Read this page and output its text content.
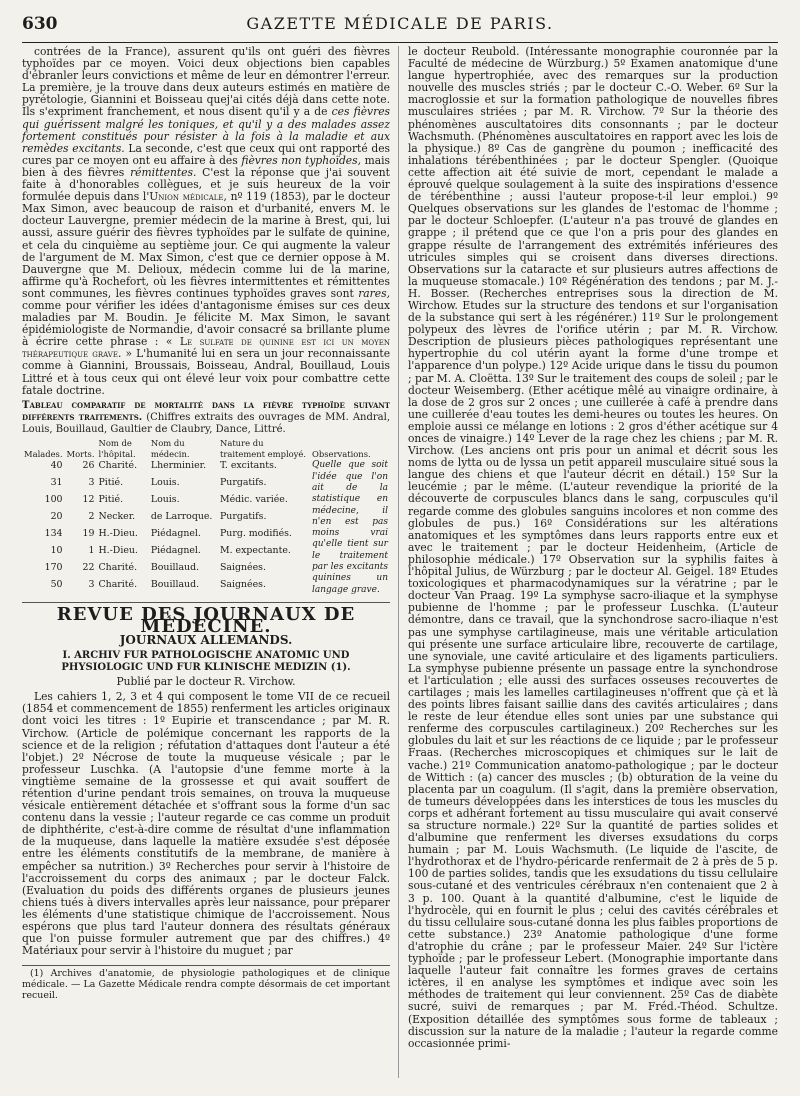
630	GAZETTE MÉDICALE DE PARIS.

contrées de la France), assurent qu'ils ont guéri des fièvres typhoïdes par ce moyen. Voici deux objections bien capables d'ébranler leurs convictions et même de leur en démontrer l'erreur. La première, je la trouve dans deux auteurs estimés en matière de pyrétologie, Giannini et Boisseau quej'ai cités déjà dans cette note. Ils s'expriment franchement, et nous disent qu'il y a de ces fièvres qui guérissent malgré les toniques, et qu'il y a des malades assez fortement constitués pour résister à la fois à la maladie et aux remèdes excitants. La seconde, c'est que ceux qui ont rapporté des cures par ce moyen ont eu affaire à des fièvres non typhoïdes, mais bien à des fièvres rémittentes. C'est la réponse que j'ai souvent faite à d'honorables collègues, et je suis heureux de la voir formulée depuis dans l'Union médicale, nº 119 (1853), par le docteur Max Simon, avec beaucoup de raison et d'urbanité, envers M. le docteur Lauvergne, premier médecin de la marine à Brest, qui, lui aussi, assure guérir des fièvres typhoïdes par le sulfate de quinine, et cela du cinquième au septième jour. Ce qui augmente la valeur de l'argument de M. Max Simon, c'est que ce dernier oppose à M. Dauvergne que M. Delioux, médecin comme lui de la marine, affirme qu'à Rochefort, où les fièvres intermittentes et rémittentes sont communes, les fièvres continues typhoïdes graves sont rares, comme pour vérifier les idées d'antagonisme émises sur ces deux maladies par M. Boudin. Je félicite M. Max Simon, le savant épidémiologiste de Normandie, d'avoir consacré sa brillante plume à écrire cette phrase : « Le sulfate de quinine est ici un moyen thérapeutique grave. » L'humanité lui en sera un jour reconnaissante comme à Giannini, Broussais, Boisseau, Andral, Bouillaud, Louis Littré et à tous ceux qui ont élevé leur voix pour combattre cette fatale doctrine.

Tableau comparatif de mortalité dans la fièvre typhoïde suivant différents traitements. (Chiffres extraits des ouvrages de MM. Andral, Louis, Bouillaud, Gaultier de Claubry, Dance, Littré.
Malades.	Morts.	Nom de l'hôpital.	Nom du médecin.	Nature du traitement employé.	Observations.
40	26	Charité.	Lherminier.	T. excitants.	Quelle que soit l'idée que l'on ait de la statistique en médecine, il n'en est pas moins vrai qu'elle tient sur le traitement par les excitants quinines un langage grave.
31	3	Pitié.	Louis.	Purgatifs.	
100	12	Pitié.	Louis.	Médic. variée.	
20	2	Necker.	de Larroque.	Purgatifs.	
134	19	H.-Dieu.	Piédagnel.	Purg. modifiés.	
10	1	H.-Dieu.	Piédagnel.	M. expectante.	
170	22	Charité.	Bouillaud.	Saignées.	
50	3	Charité.	Bouillaud.	Saignées.	
REVUE DES JOURNAUX DE MÉDECINE.
JOURNAUX ALLEMANDS.
I. ARCHIV FUR PATHOLOGISCHE ANATOMIC UND PHYSIOLOGIC UND FUR KLINISCHE MEDIZIN (1).
Publié par le docteur R. Virchow.

Les cahiers 1, 2, 3 et 4 qui composent le tome VII de ce recueil (1854 et commencement de 1855) renferment les articles originaux dont voici les titres : 1º Eupirie et transcendance ; par M. R. Virchow. (Article de polémique concernant les rapports de la science et de la religion ; réfutation d'attaques dont l'auteur a été l'objet.) 2º Nécrose de toute la muqueuse vésicale ; par le professeur Luschka. (A l'autopsie d'une femme morte à la vingtième semaine de la grossesse et qui avait souffert de rétention d'urine pendant trois semaines, on trouva la muqueuse vésicale entièrement détachée et s'offrant sous la forme d'un sac contenu dans la vessie ; l'auteur regarde ce cas comme un produit de diphthérite, c'est-à-dire comme de résultat d'une inflammation de la muqueuse, dans laquelle la matière exsudée s'est déposée entre les éléments constitutifs de la membrane, de manière à empêcher sa nutrition.) 3º Recherches pour servir à l'histoire de l'accroissement du corps des animaux ; par le docteur Falck. (Evaluation du poids des différents organes de plusieurs jeunes chiens tués à divers intervalles après leur naissance, pour préparer les éléments d'une statistique chimique de l'accroissement. Nous espérons que plus tard l'auteur donnera des résultats généraux que l'on puisse formuler autrement que par des chiffres.) 4º Matériaux pour servir à l'histoire du muguet ; par

(1) Archives d'anatomie, de physiologie pathologiques et de clinique médicale. — La Gazette Médicale rendra compte désormais de cet important recueil.

le docteur Reubold. (Intéressante monographie couronnée par la Faculté de médecine de Würzburg.) 5º Examen anatomique d'une langue hypertrophiée, avec des remarques sur la production nouvelle des muscles striés ; par le docteur C.-O. Weber. 6º Sur la macroglossie et sur la formation pathologique de nouvelles fibres musculaires striées ; par M. R. Virchow. 7º Sur la théorie des phénomènes auscultatoires dits consonnants ; par le docteur Wachsmuth. (Phénomènes auscultatoires en rapport avec les lois de la physique.) 8º Cas de gangrène du poumon ; inefficacité des inhalations térébenthinées ; par le docteur Spengler. (Quoique cette affection ait été suivie de mort, cependant le malade a éprouvé quelque soulagement à la suite des inspirations d'essence de térébenthine ; aussi l'auteur propose-t-il leur emploi.) 9º Quelques observations sur les glandes de l'estomac de l'homme ; par le docteur Schloepfer. (L'auteur n'a pas trouvé de glandes en grappe ; il prétend que ce que l'on a pris pour des glandes en grappe résulte de l'arrangement des extrémités inférieures des utricules simples qui se croisent dans diverses directions. Observations sur la cataracte et sur plusieurs autres affections de la muqueuse stomacale.) 10º Régénération des tendons ; par M. J.-H. Bosser. (Recherches entreprises sous la direction de M. Wirchow. Etudes sur la structure des tendons et sur l'organisation de la substance qui sert à les régénérer.) 11º Sur le prolongement polypeux des lèvres de l'orifice utérin ; par M. R. Virchow. Description de plusieurs pièces pathologiques représentant une hypertrophie du col utérin ayant la forme d'une trompe et l'apparence d'un polype.) 12º Acide urique dans le tissu du poumon ; par M. A. Cloëtta. 13º Sur le traitement des coups de soleil ; par le docteur Weisemberg. (Ether acétique mêlé au vinaigre ordinaire, à la dose de 2 gros sur 2 onces ; une cuillerée à café à prendre dans une cuillerée d'eau toutes les demi-heures ou toutes les heures. On emploie aussi ce mélange en lotions : 2 gros d'éther acétique sur 4 onces de vinaigre.) 14º Lever de la rage chez les chiens ; par M. R. Virchow. (Les anciens ont pris pour un animal et décrit sous les noms de lytta ou de lyssa un petit appareil musculaire situé sous la langue des chiens et que l'auteur décrit en détail.) 15º Sur la leucémie ; par le même. (L'auteur revendique la priorité de la découverte de corpuscules blancs dans le sang, corpuscules qu'il regarde comme des globules sanguins incolores et non comme des globules de pus.) 16º Considérations sur les altérations anatomiques et les symptômes dans leurs rapports entre eux et avec le traitement ; par le docteur Heidenheim, (Article de philosophie médicale.) 17º Observation sur la syphilis faites à l'hôpital Julius, de Würzburg ; par le docteur Al. Geigel. 18º Etudes toxicologiques et pharmacodynamiques sur la vératrine ; par le docteur Van Praag. 19º La symphyse sacro-iliaque et la symphyse pubienne de l'homme ; par le professeur Luschka. (L'auteur démontre, dans ce travail, que la synchondrose sacro-iliaque n'est pas une symphyse cartilagineuse, mais une véritable articulation qui présente une surface articulaire libre, recouverte de cartilage, une synoviale, une cavité articulaire et des ligaments particuliers. La symphyse pubienne présente un passage entre la synchondrose et l'articulation ; elle aussi des surfaces osseuses recouvertes de cartilages ; mais les lamelles cartilagineuses n'offrent que çà et là des points libres faisant saillie dans des cavités articulaires ; dans le reste de leur étendue elles sont unies par une substance qui renferme des corpuscules cartilagineux.) 20º Recherches sur les globules du lait et sur les réactions de ce liquide ; par le professeur Fraas. (Recherches microscopiques et chimiques sur le lait de vache.) 21º Communication anatomo-pathologique ; par le docteur de Wittich : (a) cancer des muscles ; (b) obturation de la veine du placenta par un coagulum. (Il s'agit, dans la première observation, de tumeurs développées dans les interstices de tous les muscles du corps et adhérant fortement au tissu musculaire qui avait conservé sa structure normale.) 22º Sur la quantité de parties solides et d'albumine que renferment les diverses exsudations du corps humain ; par M. Louis Wachsmuth. (Le liquide de l'ascite, de l'hydrothorax et de l'hydro-péricarde renfermait de 2 à près de 5 p. 100 de parties solides, tandis que les exsudations du tissu cellulaire sous-cutané et des ventricules cérébraux n'en contenaient que 2 à 3 p. 100. Quant à la quantité d'albumine, c'est le liquide de l'hydrocèle, qui en fournit le plus ; celui des cavités cérébrales et du tissu cellulaire sous-cutané donna les plus faibles proportions de cette substance.) 23º Anatomie pathologique d'une forme d'atrophie du crâne ; par le professeur Maier. 24º Sur l'ictère typhoïde ; par le professeur Lebert. (Monographie importante dans laquelle l'auteur fait connaître les formes graves de certains ictères, il en analyse les symptômes et indique avec soin les méthodes de traitement qui leur conviennent. 25º Cas de diabète sucré, suivi de remarques ; par M. Fréd.-Théod. Schultze. (Exposition détaillée des symptômes sous forme de tableaux ; discussion sur la nature de la maladie ; l'auteur la regarde comme occasionnée primi-
